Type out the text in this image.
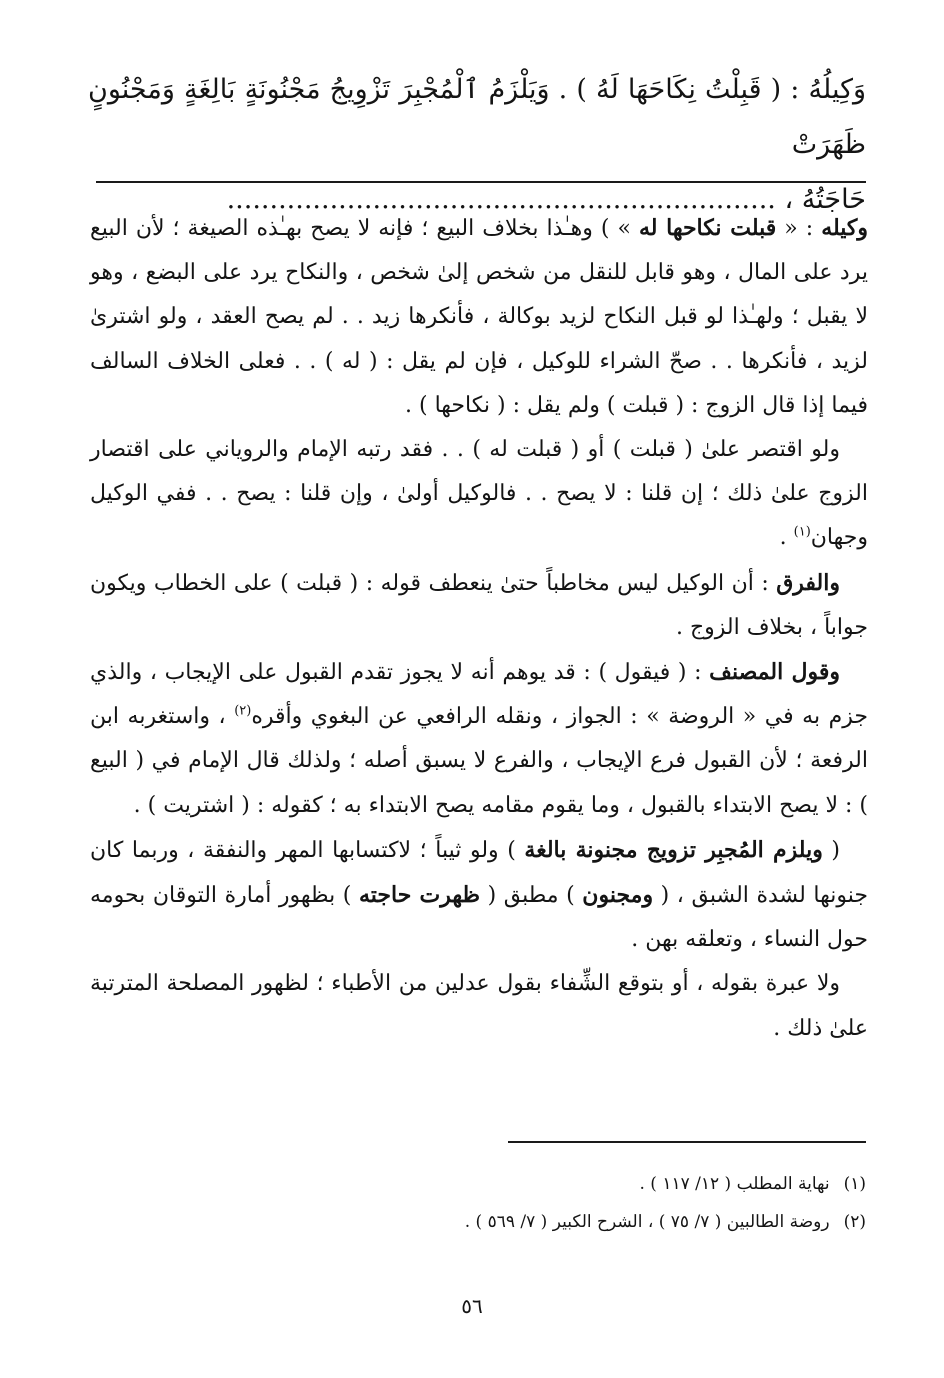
وَكِيلُهُ : ( قَبِلْتُ نِكَاحَهَا لَهُ ) . وَيَلْزَمُ ٱلْمُجْبِرَ تَزْوِيجُ مَجْنُونَةٍ بَالِغَةٍ وَمَجْنُونٍ ظَهَرَتْ
حَاجَتُهُ ، ................................................................

وكيله : « قبلت نكاحها له » ) وهـٰذا بخلاف البيع ؛ فإنه لا يصح بهـٰذه الصيغة ؛ لأن البيع يرد على المال ، وهو قابل للنقل من شخص إلىٰ شخص ، والنكاح يرد على البضع ، وهو لا يقبل ؛ ولهـٰذا لو قبل النكاح لزيد بوكالة ، فأنكرها زيد . . لم يصح العقد ، ولو اشترىٰ لزيد ، فأنكرها . . صحّ الشراء للوكيل ، فإن لم يقل : ( له ) . . فعلى الخلاف السالف فيما إذا قال الزوج : ( قبلت ) ولم يقل : ( نكاحها ) .

ولو اقتصر علىٰ ( قبلت ) أو ( قبلت له ) . . فقد رتبه الإمام والروياني على اقتصار الزوج علىٰ ذلك ؛ إن قلنا : لا يصح . . فالوكيل أولىٰ ، وإن قلنا : يصح . . ففي الوكيل وجهان$^{(١)}$ .

والفرق : أن الوكيل ليس مخاطباً حتىٰ ينعطف قوله : ( قبلت ) على الخطاب ويكون جواباً ، بخلاف الزوج .

وقول المصنف : ( فيقول ) : قد يوهم أنه لا يجوز تقدم القبول على الإيجاب ، والذي جزم به في « الروضة » : الجواز ، ونقله الرافعي عن البغوي وأقره$^{(٢)}$ ، واستغربه ابن الرفعة ؛ لأن القبول فرع الإيجاب ، والفرع لا يسبق أصله ؛ ولذلك قال الإمام في ( البيع ) : لا يصح الابتداء بالقبول ، وما يقوم مقامه يصح الابتداء به ؛ كقوله : ( اشتريت ) .

( ويلزم المُجبِر تزويج مجنونة بالغة ) ولو ثيباً ؛ لاكتسابها المهر والنفقة ، وربما كان جنونها لشدة الشبق ، ( ومجنون ) مطبق ( ظهرت حاجته ) بظهور أمارة التوقان بحومه حول النساء ، وتعلقه بهن .

ولا عبرة بقوله ، أو بتوقع الشِّفاء بقول عدلين من الأطباء ؛ لظهور المصلحة المترتبة علىٰ ذلك .

(١)نهاية المطلب ( ١٢/ ١١٧ ) .

(٢)روضة الطالبين ( ٧/ ٧٥ ) ، الشرح الكبير ( ٧/ ٥٦٩ ) .

٥٦
